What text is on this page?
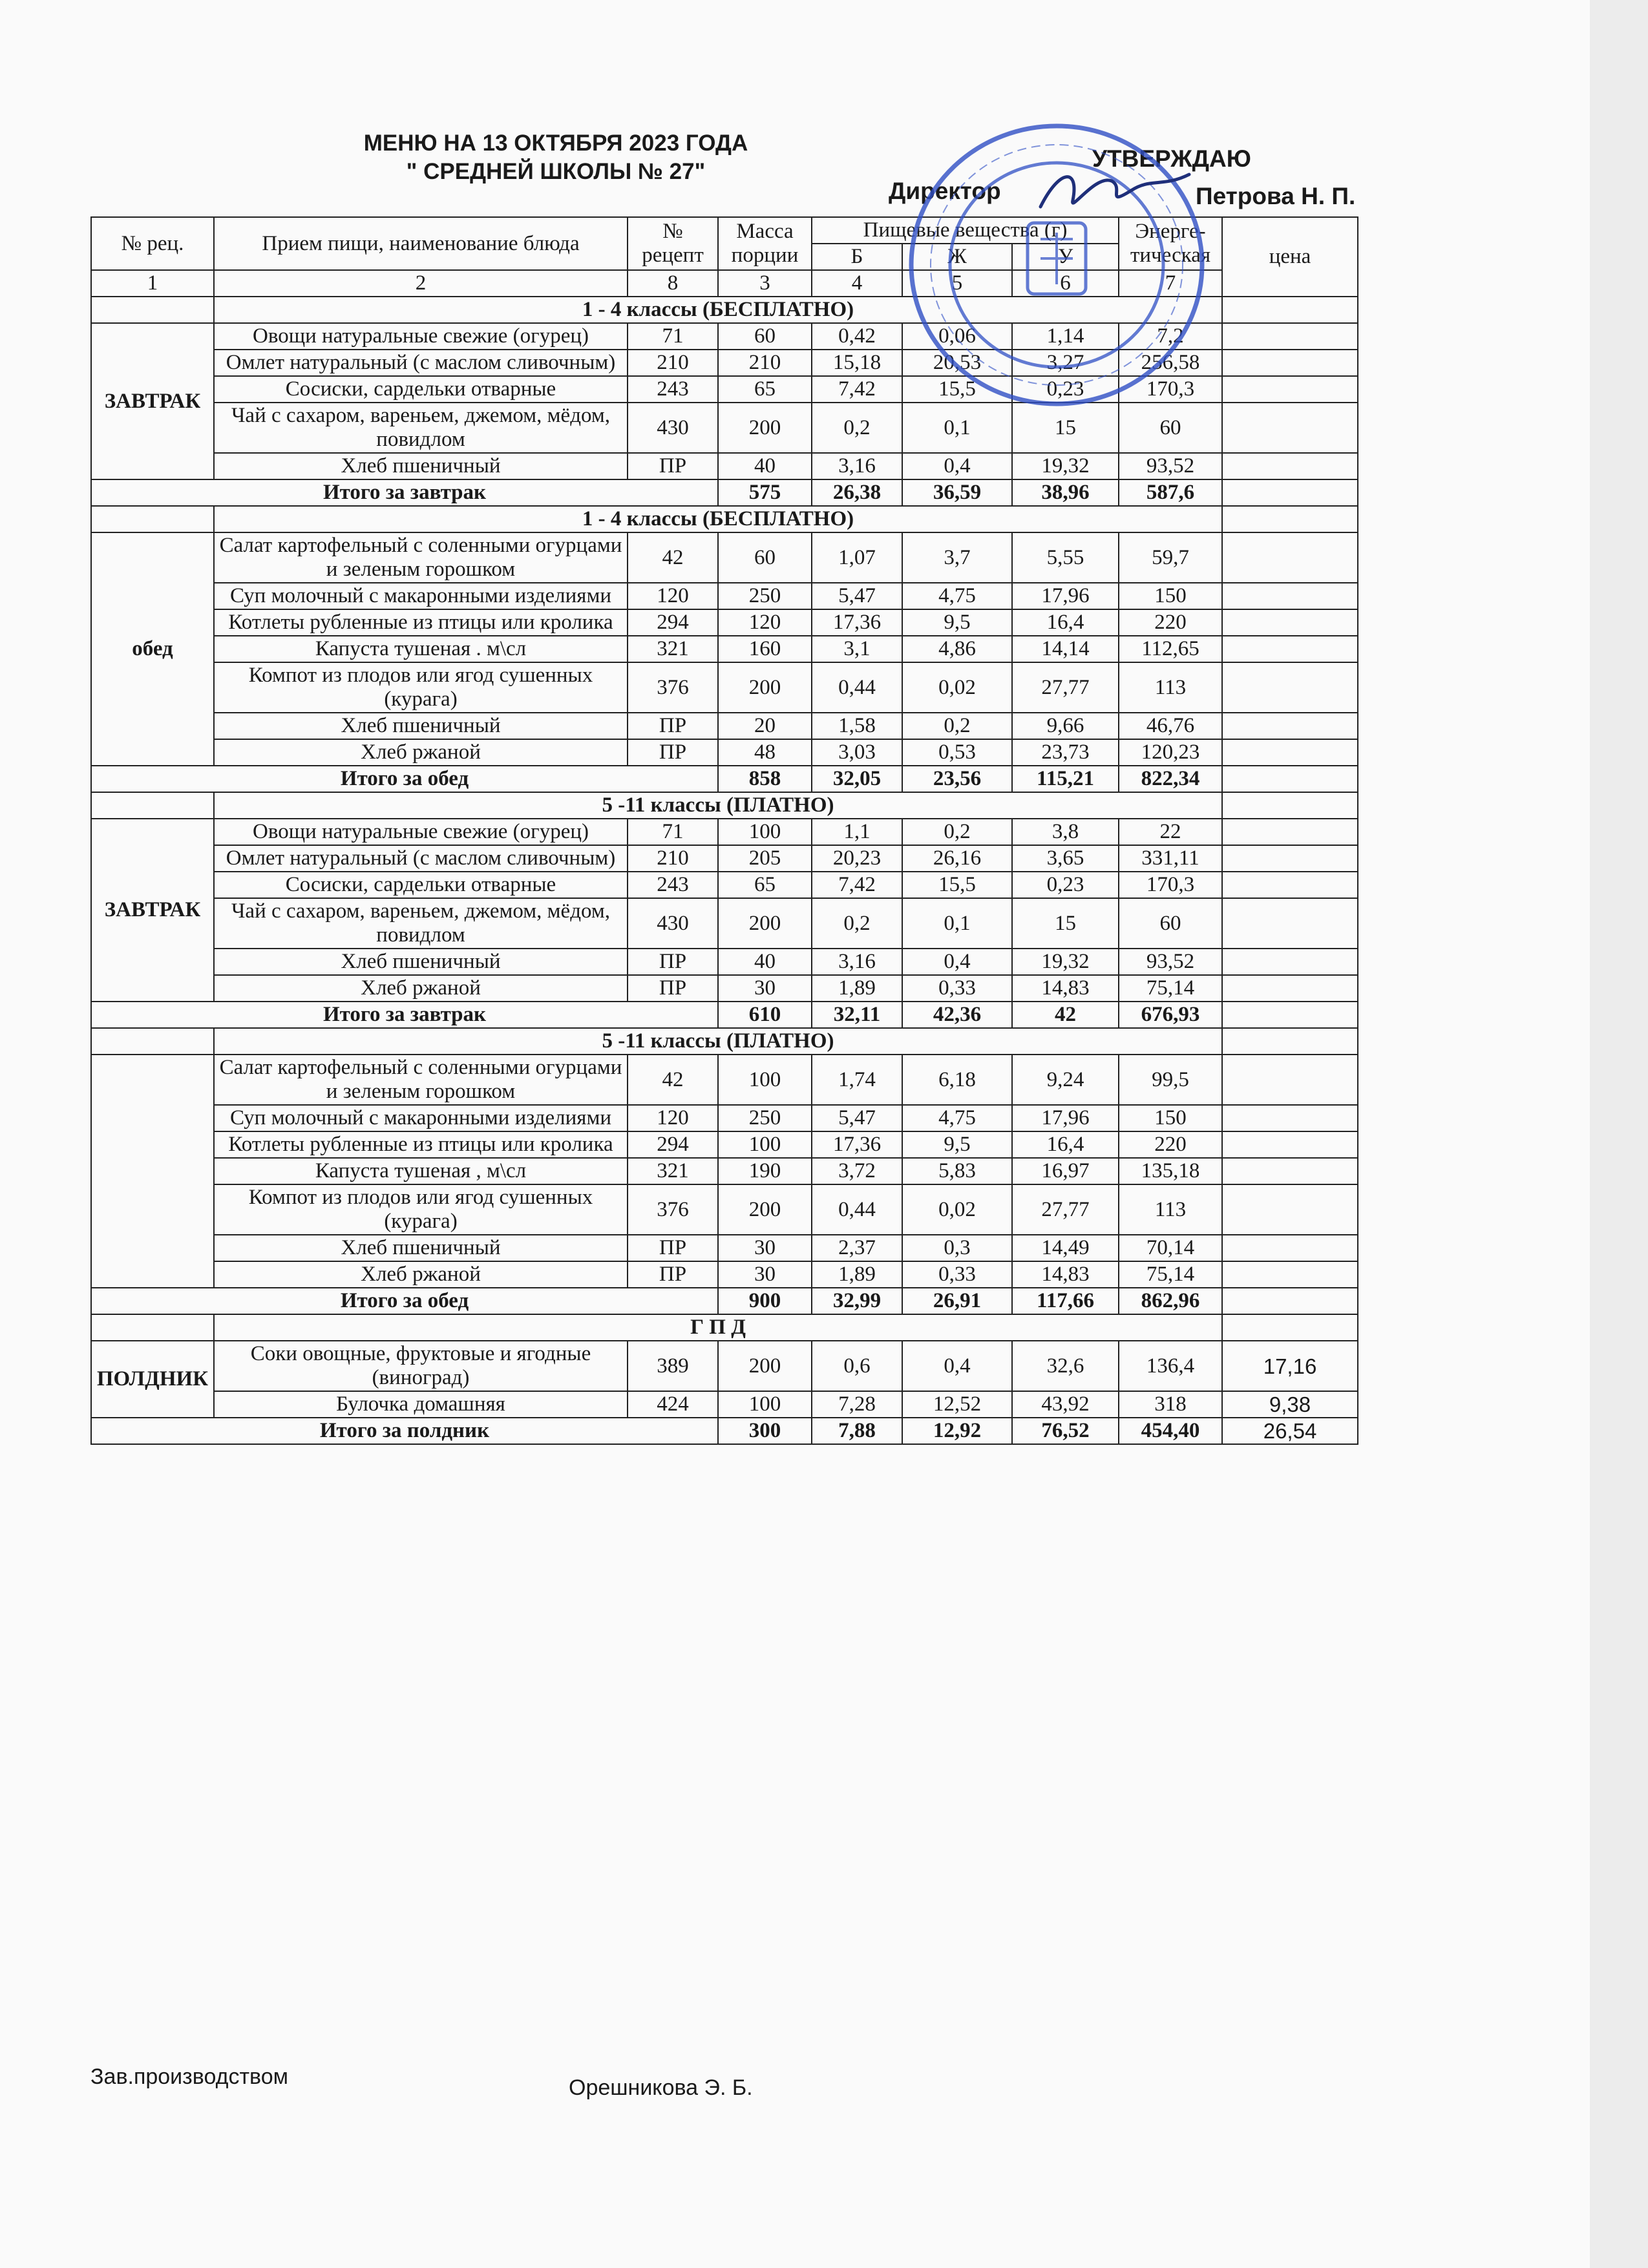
МЕНЮ НА 13 ОКТЯБРЯ 2023 ГОДА
" СРЕДНЕЙ ШКОЛЫ № 27"	УТВЕРЖДАЮ
Директор	Петрова Н. П.
№ рец.	Прием пищи, наименование блюда	№ рецепт	Масса порции	Пищевые вещества (г)			Энерге-тическая	цена
				Б	Ж	У		
1	2	8	3	4	5	6	7	
	1 - 4 классы (БЕСПЛАТНО)							
ЗАВТРАК	Овощи натуральные свежие (огурец)	71	60	0,42	0,06	1,14	7,2	
	Омлет натуральный (с маслом сливочным)	210	210	15,18	20,53	3,27	256,58	
	Сосиски, сардельки отварные	243	65	7,42	15,5	0,23	170,3	
	Чай с сахаром, вареньем, джемом, мёдом, повидлом	430	200	0,2	0,1	15	60	
	Хлеб пшеничный	ПР	40	3,16	0,4	19,32	93,52	
Итого за завтрак			575	26,38	36,59	38,96	587,6	
	1 - 4 классы (БЕСПЛАТНО)							
обед	Салат картофельный с соленными огурцами и зеленым горошком	42	60	1,07	3,7	5,55	59,7	
	Суп молочный с макаронными изделиями	120	250	5,47	4,75	17,96	150	
	Котлеты рубленные из птицы или кролика	294	120	17,36	9,5	16,4	220	
	Капуста тушеная . м\сл	321	160	3,1	4,86	14,14	112,65	
	Компот из плодов или ягод сушенных (курага)	376	200	0,44	0,02	27,77	113	
	Хлеб пшеничный	ПР	20	1,58	0,2	9,66	46,76	
	Хлеб ржаной	ПР	48	3,03	0,53	23,73	120,23	
Итого за обед			858	32,05	23,56	115,21	822,34	
	5 -11 классы (ПЛАТНО)							
ЗАВТРАК	Овощи натуральные свежие (огурец)	71	100	1,1	0,2	3,8	22	
	Омлет натуральный (с маслом сливочным)	210	205	20,23	26,16	3,65	331,11	
	Сосиски, сардельки отварные	243	65	7,42	15,5	0,23	170,3	
	Чай с сахаром, вареньем, джемом, мёдом, повидлом	430	200	0,2	0,1	15	60	
	Хлеб пшеничный	ПР	40	3,16	0,4	19,32	93,52	
	Хлеб ржаной	ПР	30	1,89	0,33	14,83	75,14	
Итого за завтрак			610	32,11	42,36	42	676,93	
	5 -11 классы (ПЛАТНО)							
	Салат картофельный с соленными огурцами и зеленым горошком	42	100	1,74	6,18	9,24	99,5	
	Суп молочный с макаронными изделиями	120	250	5,47	4,75	17,96	150	
	Котлеты рубленные из птицы или кролика	294	100	17,36	9,5	16,4	220	
	Капуста тушеная , м\сл	321	190	3,72	5,83	16,97	135,18	
	Компот из плодов или ягод сушенных (курага)	376	200	0,44	0,02	27,77	113	
	Хлеб пшеничный	ПР	30	2,37	0,3	14,49	70,14	
	Хлеб ржаной	ПР	30	1,89	0,33	14,83	75,14	
Итого за обед			900	32,99	26,91	117,66	862,96	
	Г П Д							
ПОЛДНИК	Соки овощные, фруктовые и ягодные (виноград)	389	200	0,6	0,4	32,6	136,4	17,16
	Булочка домашняя	424	100	7,28	12,52	43,92	318	9,38
Итого за полдник			300	7,88	12,92	76,52	454,40	26,54
Зав.производством	Орешникова Э. Б.
